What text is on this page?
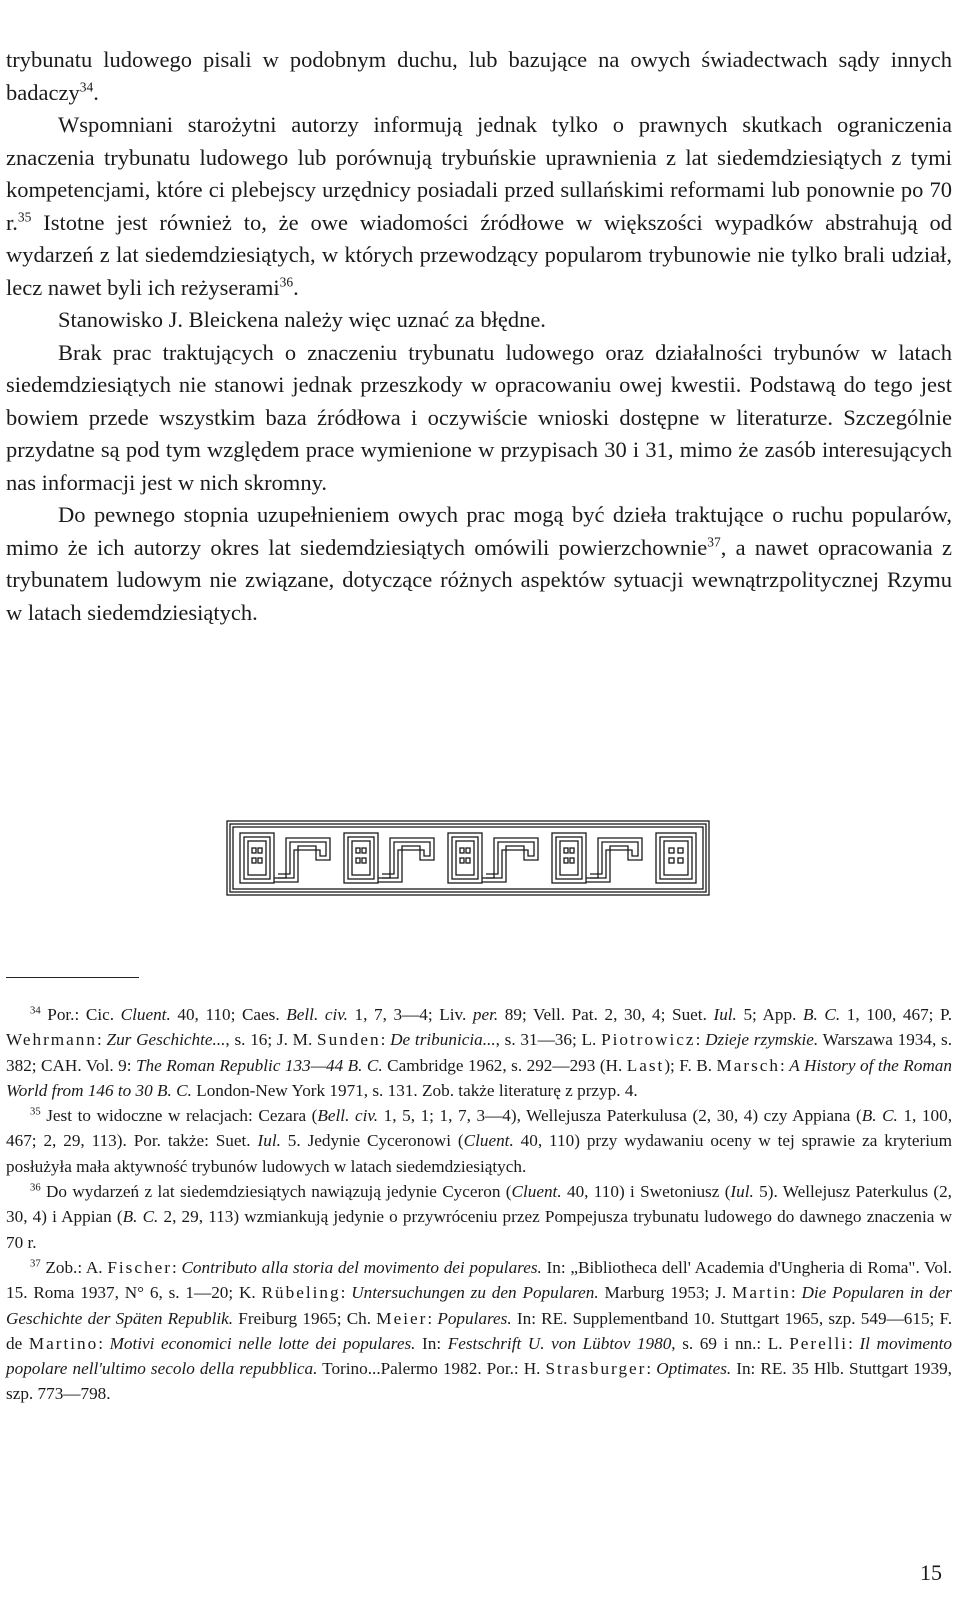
trybunatu ludowego pisali w podobnym duchu, lub bazujące na owych świadectwach sądy innych badaczy$^{34}$.

Wspomniani starożytni autorzy informują jednak tylko o prawnych skutkach ograniczenia znaczenia trybunatu ludowego lub porównują trybuńskie uprawnienia z lat siedemdziesiątych z tymi kompetencjami, które ci plebejscy urzędnicy posiadali przed sullańskimi reformami lub ponownie po 70 r.$^{35}$ Istotne jest również to, że owe wiadomości źródłowe w większości wypadków abstrahują od wydarzeń z lat siedemdziesiątych, w których przewodzący popularom trybunowie nie tylko brali udział, lecz nawet byli ich reżyserami$^{36}$.

Stanowisko J. Bleickena należy więc uznać za błędne.

Brak prac traktujących o znaczeniu trybunatu ludowego oraz działalności trybunów w latach siedemdziesiątych nie stanowi jednak przeszkody w opracowaniu owej kwestii. Podstawą do tego jest bowiem przede wszystkim baza źródłowa i oczywiście wnioski dostępne w literaturze. Szczególnie przydatne są pod tym względem prace wymienione w przypisach 30 i 31, mimo że zasób interesujących nas informacji jest w nich skromny.

Do pewnego stopnia uzupełnieniem owych prac mogą być dzieła traktujące o ruchu popularów, mimo że ich autorzy okres lat siedemdziesiątych omówili powierzchownie$^{37}$, a nawet opracowania z trybunatem ludowym nie związane, dotyczące różnych aspektów sytuacji wewnątrzpolitycznej Rzymu w latach siedemdziesiątych.

$^{34}$ Por.: Cic. Cluent. 40, 110; Caes. Bell. civ. 1, 7, 3—4; Liv. per. 89; Vell. Pat. 2, 30, 4; Suet. Iul. 5; App. B. C. 1, 100, 467; P. Wehrmann: Zur Geschichte..., s. 16; J. M. Sunden: De tribunicia..., s. 31—36; L. Piotrowicz: Dzieje rzymskie. Warszawa 1934, s. 382; CAH. Vol. 9: The Roman Republic 133—44 B. C. Cambridge 1962, s. 292—293 (H. Last); F. B. Marsch: A History of the Roman World from 146 to 30 B. C. London-New York 1971, s. 131. Zob. także literaturę z przyp. 4.

$^{35}$ Jest to widoczne w relacjach: Cezara (Bell. civ. 1, 5, 1; 1, 7, 3—4), Wellejusza Paterkulusa (2, 30, 4) czy Appiana (B. C. 1, 100, 467; 2, 29, 113). Por. także: Suet. Iul. 5. Jedynie Cyceronowi (Cluent. 40, 110) przy wydawaniu oceny w tej sprawie za kryterium posłużyła mała aktywność trybunów ludowych w latach siedemdziesiątych.

$^{36}$ Do wydarzeń z lat siedemdziesiątych nawiązują jedynie Cyceron (Cluent. 40, 110) i Swetoniusz (Iul. 5). Wellejusz Paterkulus (2, 30, 4) i Appian (B. C. 2, 29, 113) wzmiankują jedynie o przywróceniu przez Pompejusza trybunatu ludowego do dawnego znaczenia w 70 r.

$^{37}$ Zob.: A. Fischer: Contributo alla storia del movimento dei populares. In: „Bibliotheca dell' Academia d'Ungheria di Roma". Vol. 15. Roma 1937, N° 6, s. 1—20; K. Rübeling: Untersuchungen zu den Popularen. Marburg 1953; J. Martin: Die Popularen in der Geschichte der Späten Republik. Freiburg 1965; Ch. Meier: Populares. In: RE. Supplementband 10. Stuttgart 1965, szp. 549—615; F. de Martino: Motivi economici nelle lotte dei populares. In: Festschrift U. von Lübtov 1980, s. 69 i nn.: L. Perelli: Il movimento popolare nell'ultimo secolo della repubblica. Torino...Palermo 1982. Por.: H. Strasburger: Optimates. In: RE. 35 Hlb. Stuttgart 1939, szp. 773—798.

15
